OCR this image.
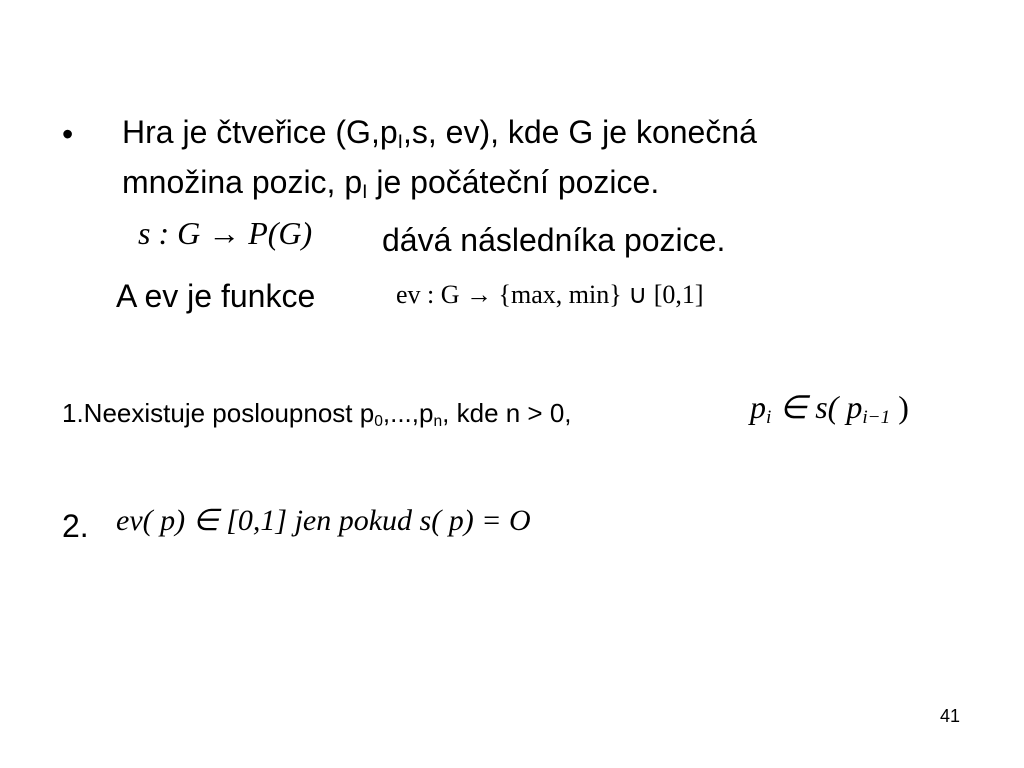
• Hra je čtveřice ($G,p_I,s$, ev), kde G je konečná
množina pozic, $p_I$ je počáteční pozice.
s : G → P(G) dává následníka pozice.
A ev je funkce	ev : G → {max, min} ∪ [0,1]
1.Neexistuje posloupnost $p_0,...,p_n$, kde n > 0,	$p_i$ ∈ s( $p_{i-1}$ )
2. ev( p) ∈ [0,1] jen pokud s( p) = O
41
